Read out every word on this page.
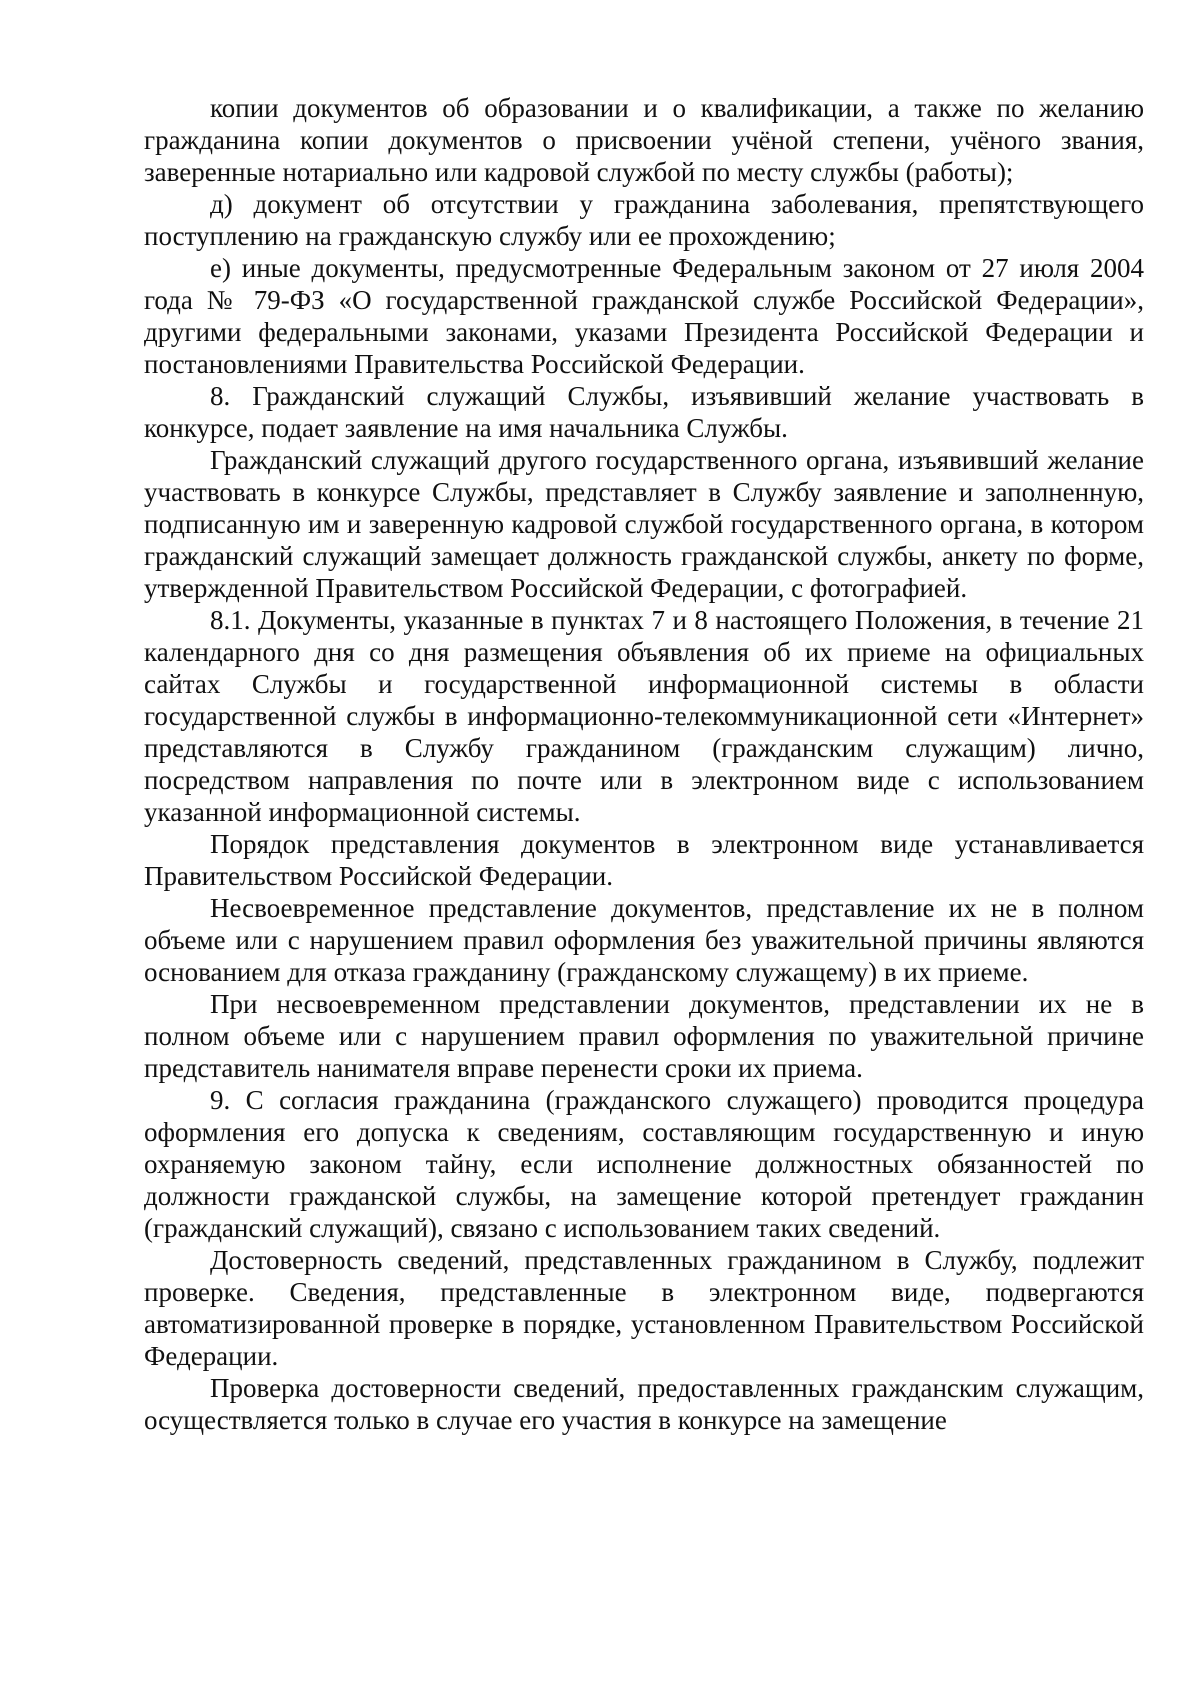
копии документов об образовании и о квалификации, а также по желанию гражданина копии документов о присвоении учёной степени, учёного звания, заверенные нотариально или кадровой службой по месту службы (работы);

д) документ об отсутствии у гражданина заболевания, препятствующего поступлению на гражданскую службу или ее прохождению;

е) иные документы, предусмотренные Федеральным законом от 27 июля 2004 года № 79-ФЗ «О государственной гражданской службе Российской Федерации», другими федеральными законами, указами Президента Российской Федерации и постановлениями Правительства Российской Федерации.

8. Гражданский служащий Службы, изъявивший желание участвовать в конкурсе, подает заявление на имя начальника Службы.

Гражданский служащий другого государственного органа, изъявивший желание участвовать в конкурсе Службы, представляет в Службу заявление и заполненную, подписанную им и заверенную кадровой службой государственного органа, в котором гражданский служащий замещает должность гражданской службы, анкету по форме, утвержденной Правительством Российской Федерации, с фотографией.

8.1. Документы, указанные в пунктах 7 и 8 настоящего Положения, в течение 21 календарного дня со дня размещения объявления об их приеме на официальных сайтах Службы и государственной информационной системы в области государственной службы в информационно-телекоммуникационной сети «Интернет» представляются в Службу гражданином (гражданским служащим) лично, посредством направления по почте или в электронном виде с использованием указанной информационной системы.

Порядок представления документов в электронном виде устанавливается Правительством Российской Федерации.

Несвоевременное представление документов, представление их не в полном объеме или с нарушением правил оформления без уважительной причины являются основанием для отказа гражданину (гражданскому служащему) в их приеме.

При несвоевременном представлении документов, представлении их не в полном объеме или с нарушением правил оформления по уважительной причине представитель нанимателя вправе перенести сроки их приема.

9. С согласия гражданина (гражданского служащего) проводится процедура оформления его допуска к сведениям, составляющим государственную и иную охраняемую законом тайну, если исполнение должностных обязанностей по должности гражданской службы, на замещение которой претендует гражданин (гражданский служащий), связано с использованием таких сведений.

Достоверность сведений, представленных гражданином в Службу, подлежит проверке. Сведения, представленные в электронном виде, подвергаются автоматизированной проверке в порядке, установленном Правительством Российской Федерации.

Проверка достоверности сведений, предоставленных гражданским служащим, осуществляется только в случае его участия в конкурсе на замещение
